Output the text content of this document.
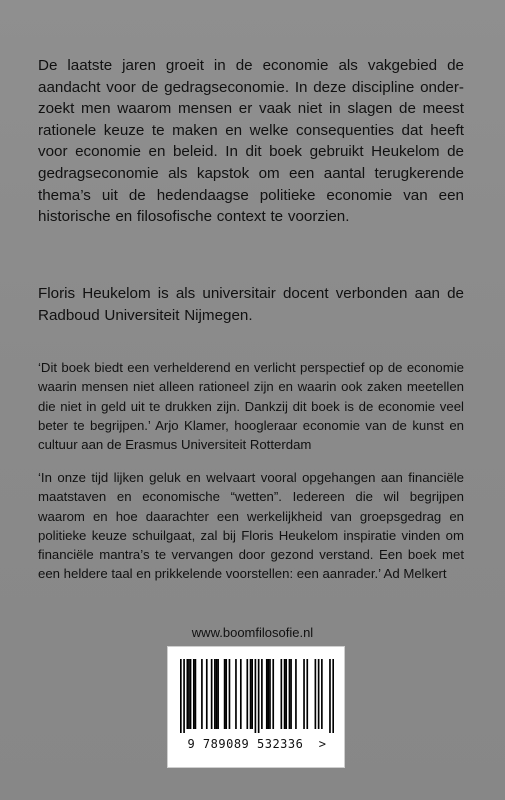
De laatste jaren groeit in de economie als vakgebied de aandacht voor de gedragseconomie. In deze discipline onder-zoekt men waarom mensen er vaak niet in slagen de meest rationele keuze te maken en welke consequenties dat heeft voor economie en beleid. In dit boek gebruikt Heukelom de gedragseconomie als kapstok om een aantal terugkerende thema’s uit de hedendaagse politieke economie van een historische en filosofische context te voorzien.

Floris Heukelom is als universitair docent verbonden aan de Radboud Universiteit Nijmegen.

‘Dit boek biedt een verhelderend en verlicht perspectief op de economie waarin mensen niet alleen rationeel zijn en waarin ook zaken meetellen die niet in geld uit te drukken zijn. Dankzij dit boek is de economie veel beter te begrijpen.’ Arjo Klamer, hoogleraar economie van de kunst en cultuur aan de Erasmus Universiteit Rotterdam

‘In onze tijd lijken geluk en welvaart vooral opgehangen aan financiële maatstaven en economische “wetten”. Iedereen die wil begrijpen waarom en hoe daarachter een werkelijkheid van groepsgedrag en politieke keuze schuilgaat, zal bij Floris Heukelom inspiratie vinden om financiële mantra’s te vervangen door gezond verstand. Een boek met een heldere taal en prikkelende voorstellen: een aanrader.’ Ad Melkert

www.boomfilosofie.nl

9 789089 532336 >
